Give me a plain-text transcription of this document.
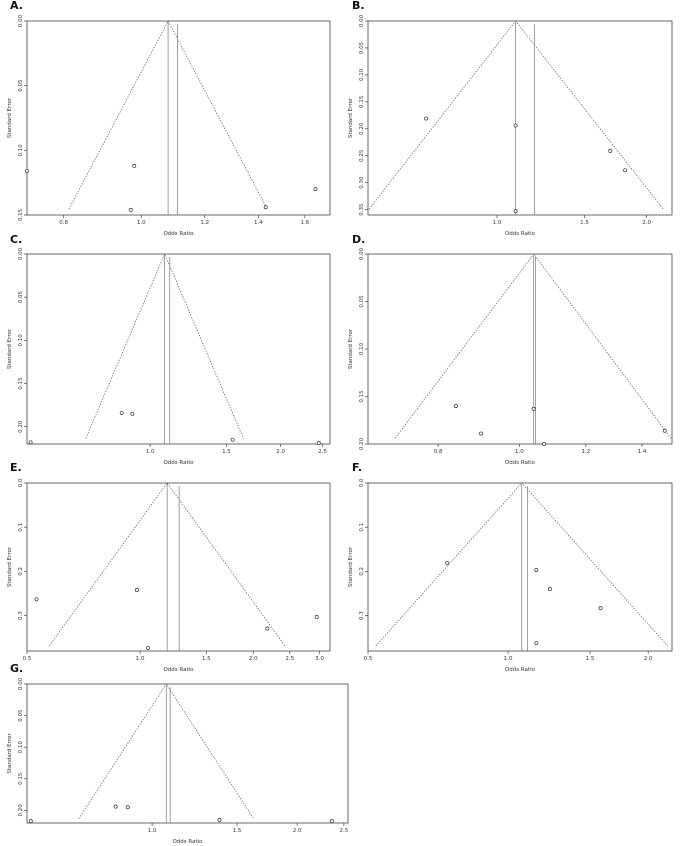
A.
0.8	1.0	1.2	1.4	1.6
0.00
0.05
0.10
0.15
Odds Ratio
Standard Error
B.
1.0	1.5	2.0
0.00
0.05
0.10
0.15
0.20
0.25
0.30
0.35
Odds Ratio
Standard Error
C.
1.0	1.5	2.0	2.5
0.00
0.05
0.10
0.15
0.20
Odds Ratio
Standard Error
D.
0.8	1.0	1.2	1.4
0.00
0.05
0.10
0.15
0.20
Odds Ratio
Standard Error
E.
0.5	1.0	1.5	2.0	2.5	3.0
0.0
0.1
0.2
0.3
Odds Ratio
Standard Error
F.
0.5	1.0	1.5	2.0
0.0
0.1
0.2
0.3
Odds Ratio
Standard Error
G.
1.0	1.5	2.0	2.5
0.00
0.05
0.10
0.15
0.20
Odds Ratio
Standard Error
